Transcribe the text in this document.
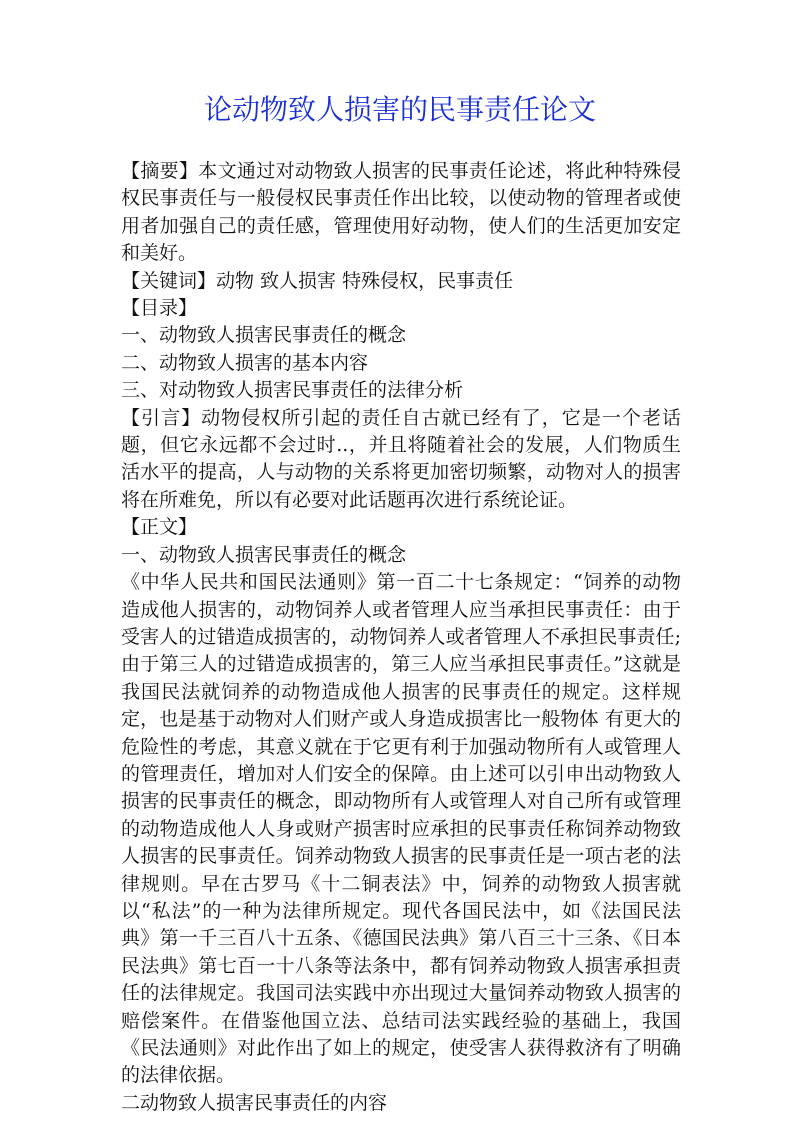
论动物致人损害的民事责任论文

【摘要】本文通过对动物致人损害的民事责任论述，将此种特殊侵权民事责任与一般侵权民事责任作出比较，以使动物的管理者或使用者加强自己的责任感，管理使用好动物，使人们的生活更加安定和美好。

【关键词】动物 致人损害 特殊侵权，民事责任

【目录】

一、动物致人损害民事责任的概念

二、动物致人损害的基本内容

三、对动物致人损害民事责任的法律分析

【引言】动物侵权所引起的责任自古就已经有了，它是一个老话题，但它永远都不会过时..，并且将随着社会的发展，人们物质生活水平的提高，人与动物的关系将更加密切频繁，动物对人的损害将在所难免，所以有必要对此话题再次进行系统论证。

【正文】

一、动物致人损害民事责任的概念

《中华人民共和国民法通则》第一百二十七条规定：“饲养的动物造成他人损害的，动物饲养人或者管理人应当承担民事责任：由于受害人的过错造成损害的，动物饲养人或者管理人不承担民事责任;由于第三人的过错造成损害的，第三人应当承担民事责任。”这就是我国民法就饲养的动物造成他人损害的民事责任的规定。这样规定，也是基于动物对人们财产或人身造成损害比一般物体 有更大的危险性的考虑，其意义就在于它更有利于加强动物所有人或管理人的管理责任，增加对人们安全的保障。由上述可以引申出动物致人损害的民事责任的概念，即动物所有人或管理人对自己所有或管理的动物造成他人人身或财产损害时应承担的民事责任称饲养动物致人损害的民事责任。饲养动物致人损害的民事责任是一项古老的法律规则。早在古罗马《十二铜表法》中，饲养的动物致人损害就以“私法”的一种为法律所规定。现代各国民法中，如《法国民法典》第一千三百八十五条、《德国民法典》第八百三十三条、《日本民法典》第七百一十八条等法条中，都有饲养动物致人损害承担责任的法律规定。我国司法实践中亦出现过大量饲养动物致人损害的赔偿案件。在借鉴他国立法、总结司法实践经验的基础上，我国《民法通则》对此作出了如上的规定，使受害人获得救济有了明确的法律依据。

二动物致人损害民事责任的内容
